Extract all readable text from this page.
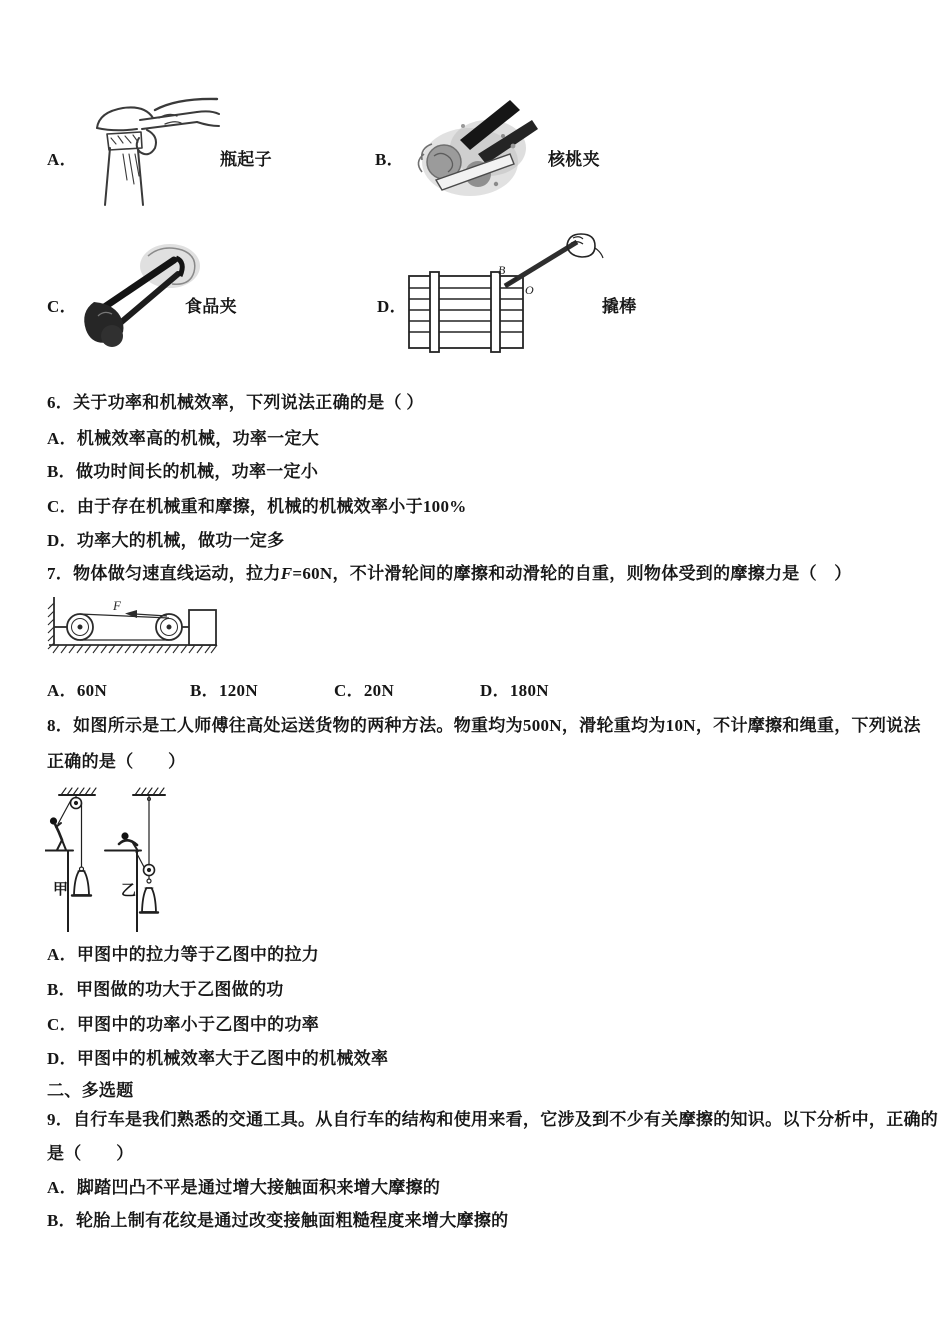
A．	瓶起子	B．	核桃夹
C．	食品夹	D．
B
O
撬棒
6．关于功率和机械效率，下列说法正确的是（ ）
A．机械效率高的机械，功率一定大
B．做功时间长的机械，功率一定小
C．由于存在机械重和摩擦，机械的机械效率小于100%
D．功率大的机械，做功一定多
7．物体做匀速直线运动，拉力F=60N，不计滑轮间的摩擦和动滑轮的自重，则物体受到的摩擦力是（　）
F
A．60N	B．120N	C．20N	D．180N
8．如图所示是工人师傅往高处运送货物的两种方法。物重均为500N，滑轮重均为10N，不计摩擦和绳重，下列说法
正确的是（　　）
甲	乙
A．甲图中的拉力等于乙图中的拉力
B．甲图做的功大于乙图做的功
C．甲图中的功率小于乙图中的功率
D．甲图中的机械效率大于乙图中的机械效率
二、多选题
9．自行车是我们熟悉的交通工具。从自行车的结构和使用来看，它涉及到不少有关摩擦的知识。以下分析中，正确的
是（　　）
A．脚踏凹凸不平是通过增大接触面积来增大摩擦的
B．轮胎上制有花纹是通过改变接触面粗糙程度来增大摩擦的
